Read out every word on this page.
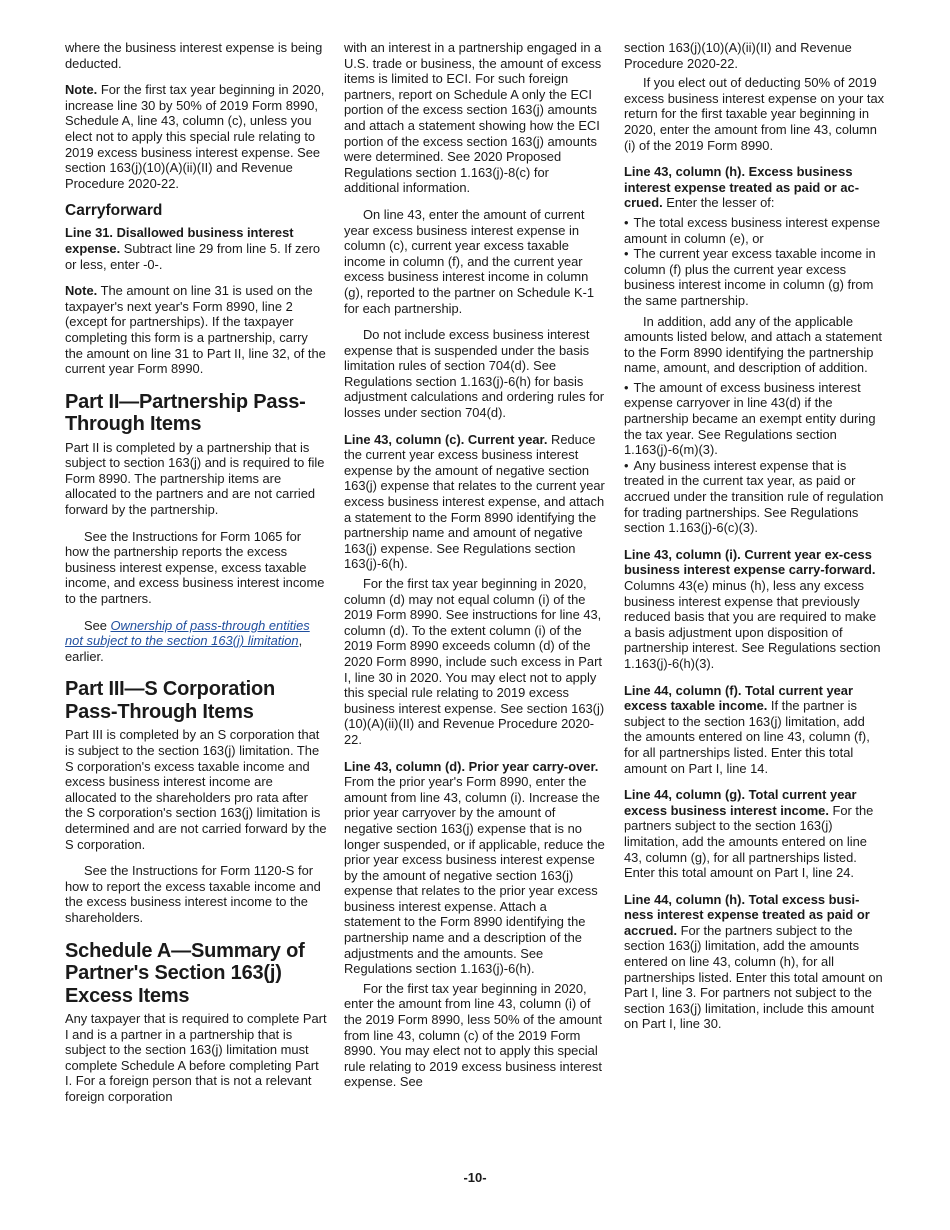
where the business interest expense is being deducted.

Note. For the first tax year beginning in 2020, increase line 30 by 50% of 2019 Form 8990, Schedule A, line 43, column (c), unless you elect not to apply this special rule relating to 2019 excess business interest expense. See section 163(j)(10)(A)(ii)(II) and Revenue Procedure 2020-22.

Carryforward

Line 31. Disallowed business interest expense. Subtract line 29 from line 5. If zero or less, enter -0-.

Note. The amount on line 31 is used on the taxpayer's next year's Form 8990, line 2 (except for partnerships). If the taxpayer completing this form is a partnership, carry the amount on line 31 to Part II, line 32, of the current year Form 8990.

Part II—Partnership Pass-Through Items

Part II is completed by a partnership that is subject to section 163(j) and is required to file Form 8990. The partnership items are allocated to the partners and are not carried forward by the partnership.

See the Instructions for Form 1065 for how the partnership reports the excess business interest expense, excess taxable income, and excess business interest income to the partners.

See Ownership of pass-through entities not subject to the section 163(j) limitation, earlier.

Part III—S Corporation Pass-Through Items

Part III is completed by an S corporation that is subject to the section 163(j) limitation. The S corporation's excess taxable income and excess business interest income are allocated to the shareholders pro rata after the S corporation's section 163(j) limitation is determined and are not carried forward by the S corporation.

See the Instructions for Form 1120-S for how to report the excess taxable income and the excess business interest income to the shareholders.

Schedule A—Summary of Partner's Section 163(j) Excess Items

Any taxpayer that is required to complete Part I and is a partner in a partnership that is subject to the section 163(j) limitation must complete Schedule A before completing Part I. For a foreign person that is not a relevant foreign corporation

with an interest in a partnership engaged in a U.S. trade or business, the amount of excess items is limited to ECI. For such foreign partners, report on Schedule A only the ECI portion of the excess section 163(j) amounts and attach a statement showing how the ECI portion of the excess section 163(j) amounts were determined. See 2020 Proposed Regulations section 1.163(j)-8(c) for additional information.

On line 43, enter the amount of current year excess business interest expense in column (c), current year excess taxable income in column (f), and the current year excess business interest income in column (g), reported to the partner on Schedule K-1 for each partnership.

Do not include excess business interest expense that is suspended under the basis limitation rules of section 704(d). See Regulations section 1.163(j)-6(h) for basis adjustment calculations and ordering rules for losses under section 704(d).

Line 43, column (c). Current year. Reduce the current year excess business interest expense by the amount of negative section 163(j) expense that relates to the current year excess business interest expense, and attach a statement to the Form 8990 identifying the partnership name and amount of negative 163(j) expense. See Regulations section 163(j)-6(h).

For the first tax year beginning in 2020, column (d) may not equal column (i) of the 2019 Form 8990. See instructions for line 43, column (d). To the extent column (i) of the 2019 Form 8990 exceeds column (d) of the 2020 Form 8990, include such excess in Part I, line 30 in 2020. You may elect not to apply this special rule relating to 2019 excess business interest expense. See section 163(j)(10)(A)(ii)(II) and Revenue Procedure 2020-22.

Line 43, column (d). Prior year carry-over. From the prior year's Form 8990, enter the amount from line 43, column (i). Increase the prior year carryover by the amount of negative section 163(j) expense that is no longer suspended, or if applicable, reduce the prior year excess business interest expense by the amount of negative section 163(j) expense that relates to the prior year excess business interest expense. Attach a statement to the Form 8990 identifying the partnership name and a description of the adjustments and the amounts. See Regulations section 1.163(j)-6(h).

For the first tax year beginning in 2020, enter the amount from line 43, column (i) of the 2019 Form 8990, less 50% of the amount from line 43, column (c) of the 2019 Form 8990. You may elect not to apply this special rule relating to 2019 excess business interest expense. See

section 163(j)(10)(A)(ii)(II) and Revenue Procedure 2020-22.

If you elect out of deducting 50% of 2019 excess business interest expense on your tax return for the first taxable year beginning in 2020, enter the amount from line 43, column (i) of the 2019 Form 8990.

Line 43, column (h). Excess business interest expense treated as paid or ac-crued. Enter the lesser of:

• The total excess business interest expense amount in column (e), or

• The current year excess taxable income in column (f) plus the current year excess business interest income in column (g) from the same partnership.

In addition, add any of the applicable amounts listed below, and attach a statement to the Form 8990 identifying the partnership name, amount, and description of addition.

• The amount of excess business interest expense carryover in line 43(d) if the partnership became an exempt entity during the tax year. See Regulations section 1.163(j)-6(m)(3).

• Any business interest expense that is treated in the current tax year, as paid or accrued under the transition rule of regulation for trading partnerships. See Regulations section 1.163(j)-6(c)(3).

Line 43, column (i). Current year ex-cess business interest expense carry-forward. Columns 43(e) minus (h), less any excess business interest expense that previously reduced basis that you are required to make a basis adjustment upon disposition of partnership interest. See Regulations section 1.163(j)-6(h)(3).

Line 44, column (f). Total current year excess taxable income. If the partner is subject to the section 163(j) limitation, add the amounts entered on line 43, column (f), for all partnerships listed. Enter this total amount on Part I, line 14.

Line 44, column (g). Total current year excess business interest income. For the partners subject to the section 163(j) limitation, add the amounts entered on line 43, column (g), for all partnerships listed. Enter this total amount on Part I, line 24.

Line 44, column (h). Total excess busi-ness interest expense treated as paid or accrued. For the partners subject to the section 163(j) limitation, add the amounts entered on line 43, column (h), for all partnerships listed. Enter this total amount on Part I, line 3. For partners not subject to the section 163(j) limitation, include this amount on Part I, line 30.

-10-
